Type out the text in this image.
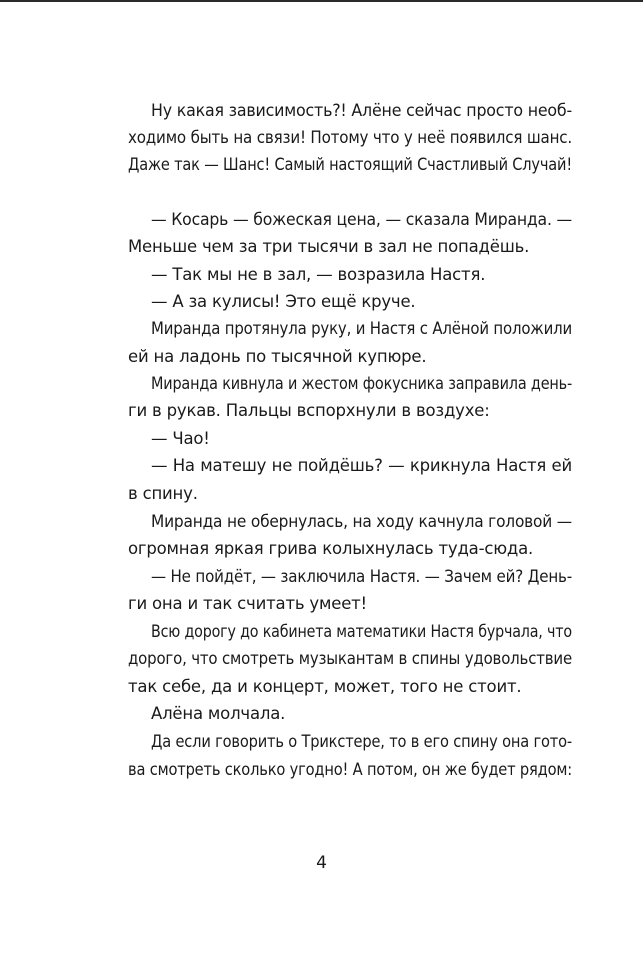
Ну какая зависимость?! Алёне сейчас просто необ-
ходимо быть на связи! Потому что у неё появился шанс.
Даже так — Шанс! Самый настоящий Счастливый Случай!
— Косарь — божеская цена, — сказала Миранда. —
Меньше чем за три тысячи в зал не попадёшь.
— Так мы не в зал, — возразила Настя.
— А за кулисы! Это ещё круче.
Миранда протянула руку, и Настя с Алёной положили
ей на ладонь по тысячной купюре.
Миранда кивнула и жестом фокусника заправила день-
ги в рукав. Пальцы вспорхнули в воздухе:
— Чао!
— На матешу не пойдёшь? — крикнула Настя ей
в спину.
Миранда не обернулась, на ходу качнула головой —
огромная яркая грива колыхнулась туда-сюда.
— Не пойдёт, — заключила Настя. — Зачем ей? День-
ги она и так считать умеет!
Всю дорогу до кабинета математики Настя бурчала, что
дорого, что смотреть музыкантам в спины удовольствие
так себе, да и концерт, может, того не стоит.
Алёна молчала.
Да если говорить о Трикстере, то в его спину она гото-
ва смотреть сколько угодно! А потом, он же будет рядом:
4
